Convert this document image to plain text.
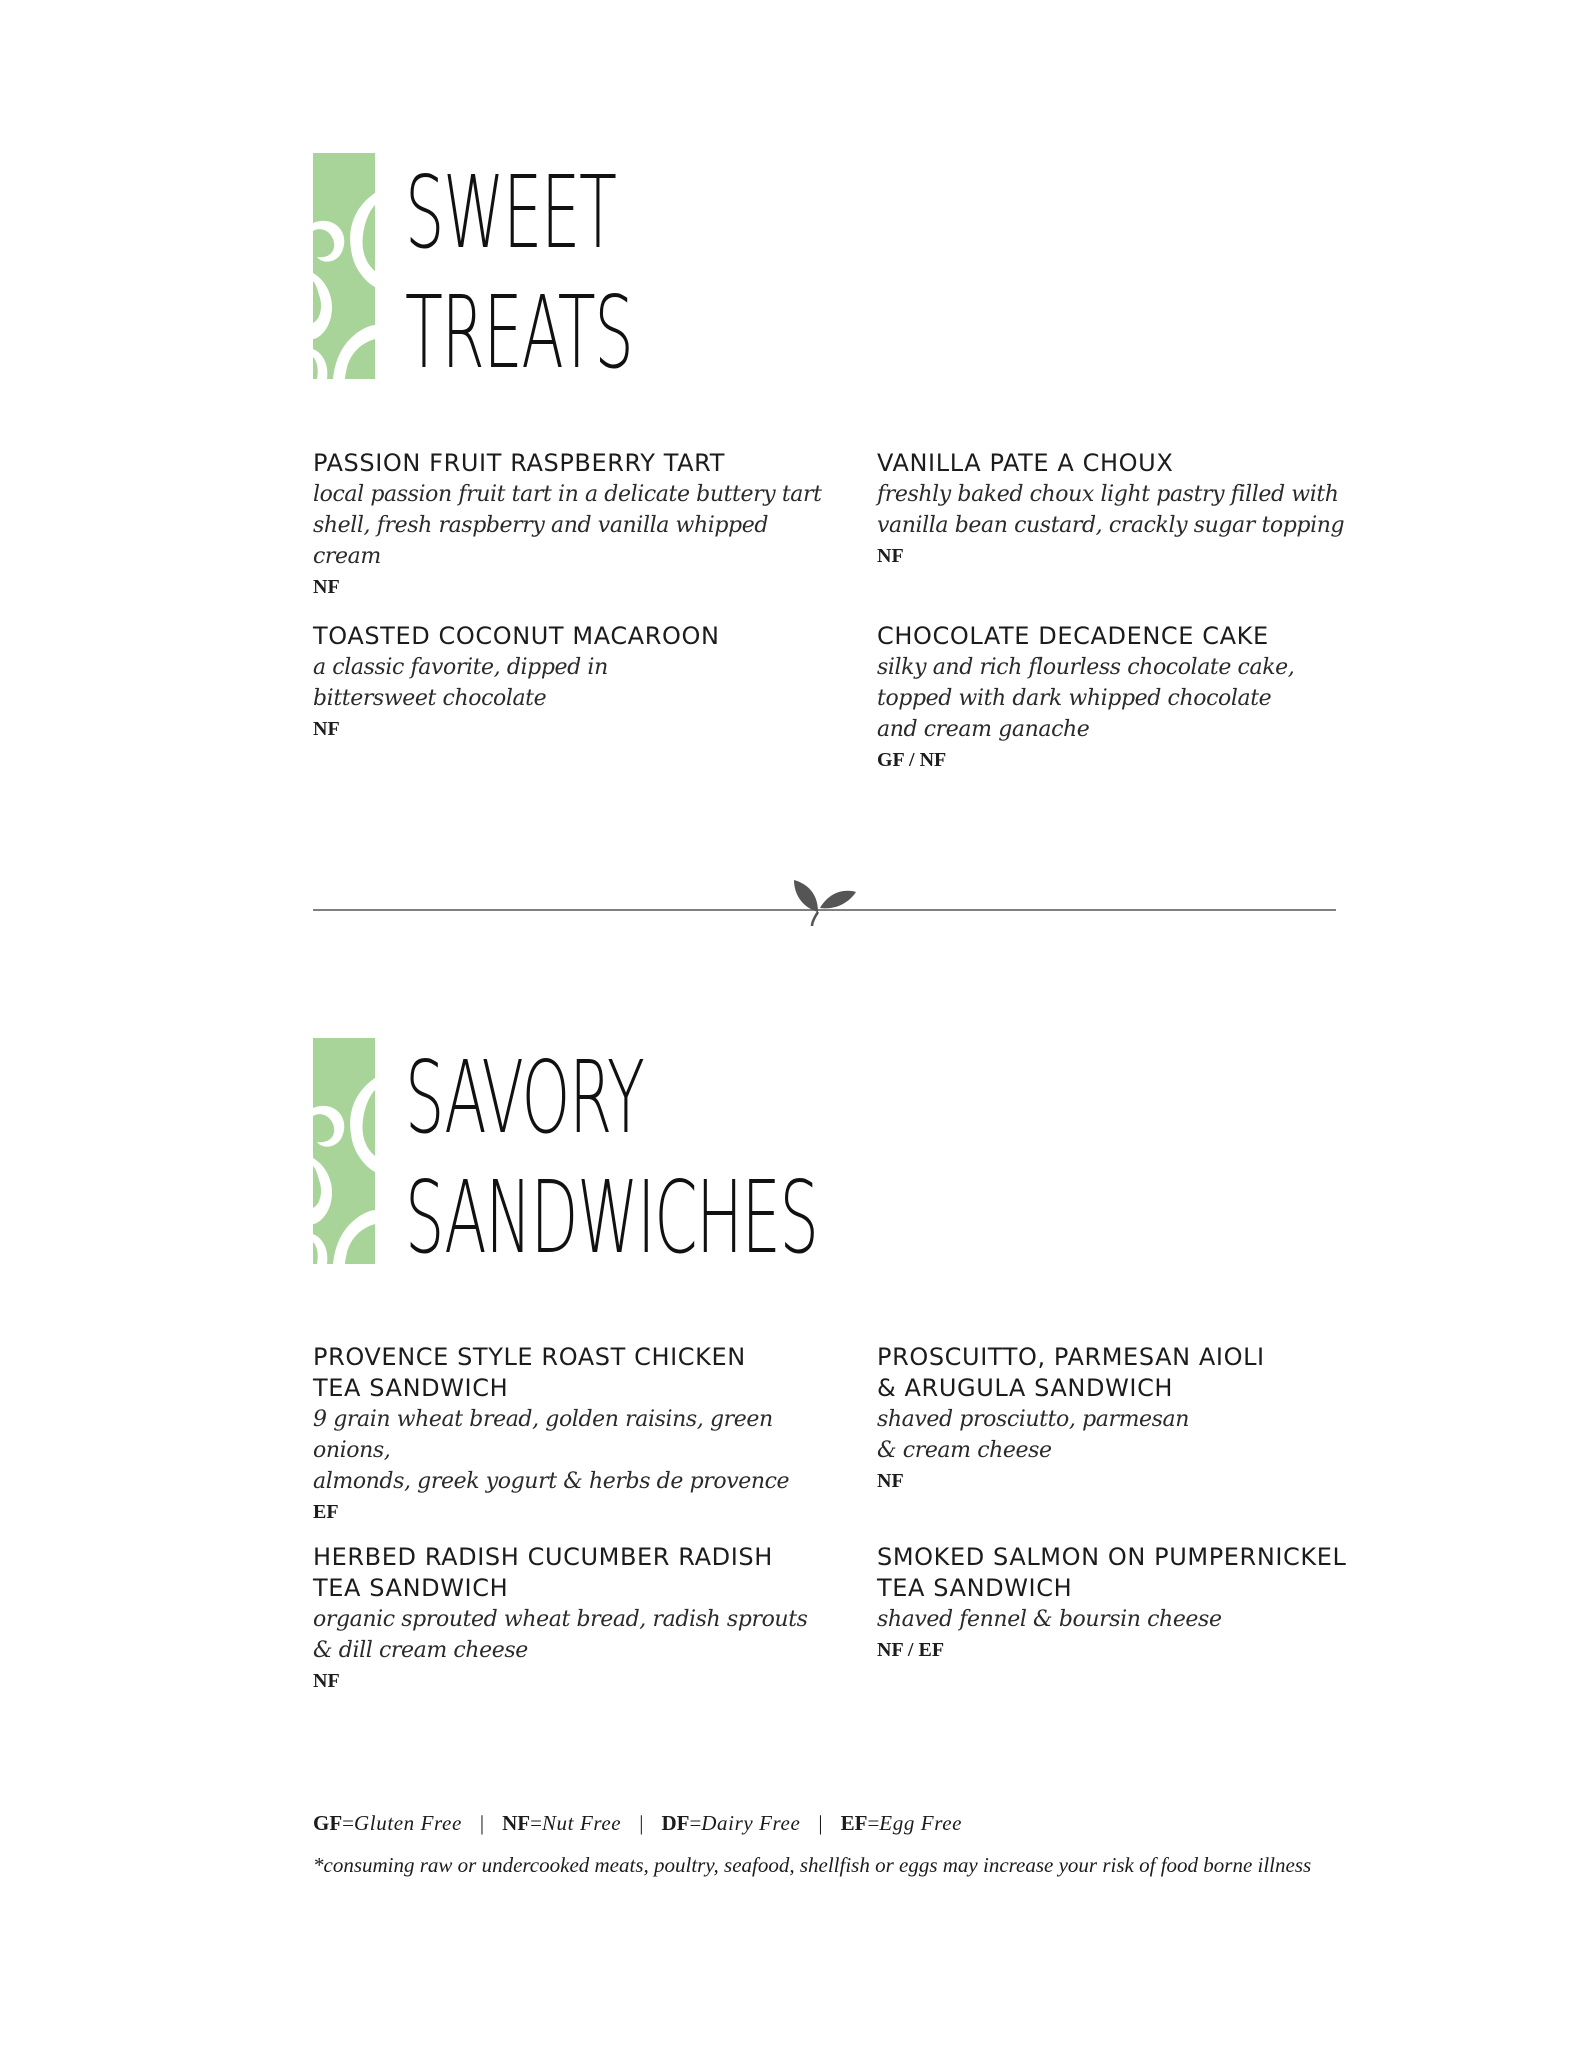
SWEET
TREATS
PASSION FRUIT RASPBERRY TART
local passion fruit tart in a delicate buttery tart
shell, fresh raspberry and vanilla whipped cream
NF
VANILLA PATE A CHOUX
freshly baked choux light pastry filled with
vanilla bean custard, crackly sugar topping
NF
TOASTED COCONUT MACAROON
a classic favorite, dipped in
bittersweet chocolate
NF
CHOCOLATE DECADENCE CAKE
silky and rich flourless chocolate cake,
topped with dark whipped chocolate
and cream ganache
GF / NF
SAVORY
SANDWICHES
PROVENCE STYLE ROAST CHICKEN
TEA SANDWICH
9 grain wheat bread, golden raisins, green onions,
almonds, greek yogurt & herbs de provence
EF
PROSCUITTO, PARMESAN AIOLI
& ARUGULA SANDWICH
shaved prosciutto, parmesan
& cream cheese
NF
HERBED RADISH CUCUMBER RADISH
TEA SANDWICH
organic sprouted wheat bread, radish sprouts
& dill cream cheese
NF
SMOKED SALMON ON PUMPERNICKEL
TEA SANDWICH
shaved fennel & boursin cheese
NF / EF
GF = Gluten Free | NF = Nut Free | DF = Dairy Free | EF = Egg Free
*consuming raw or undercooked meats, poultry, seafood, shellfish or eggs may increase your risk of food borne illness
